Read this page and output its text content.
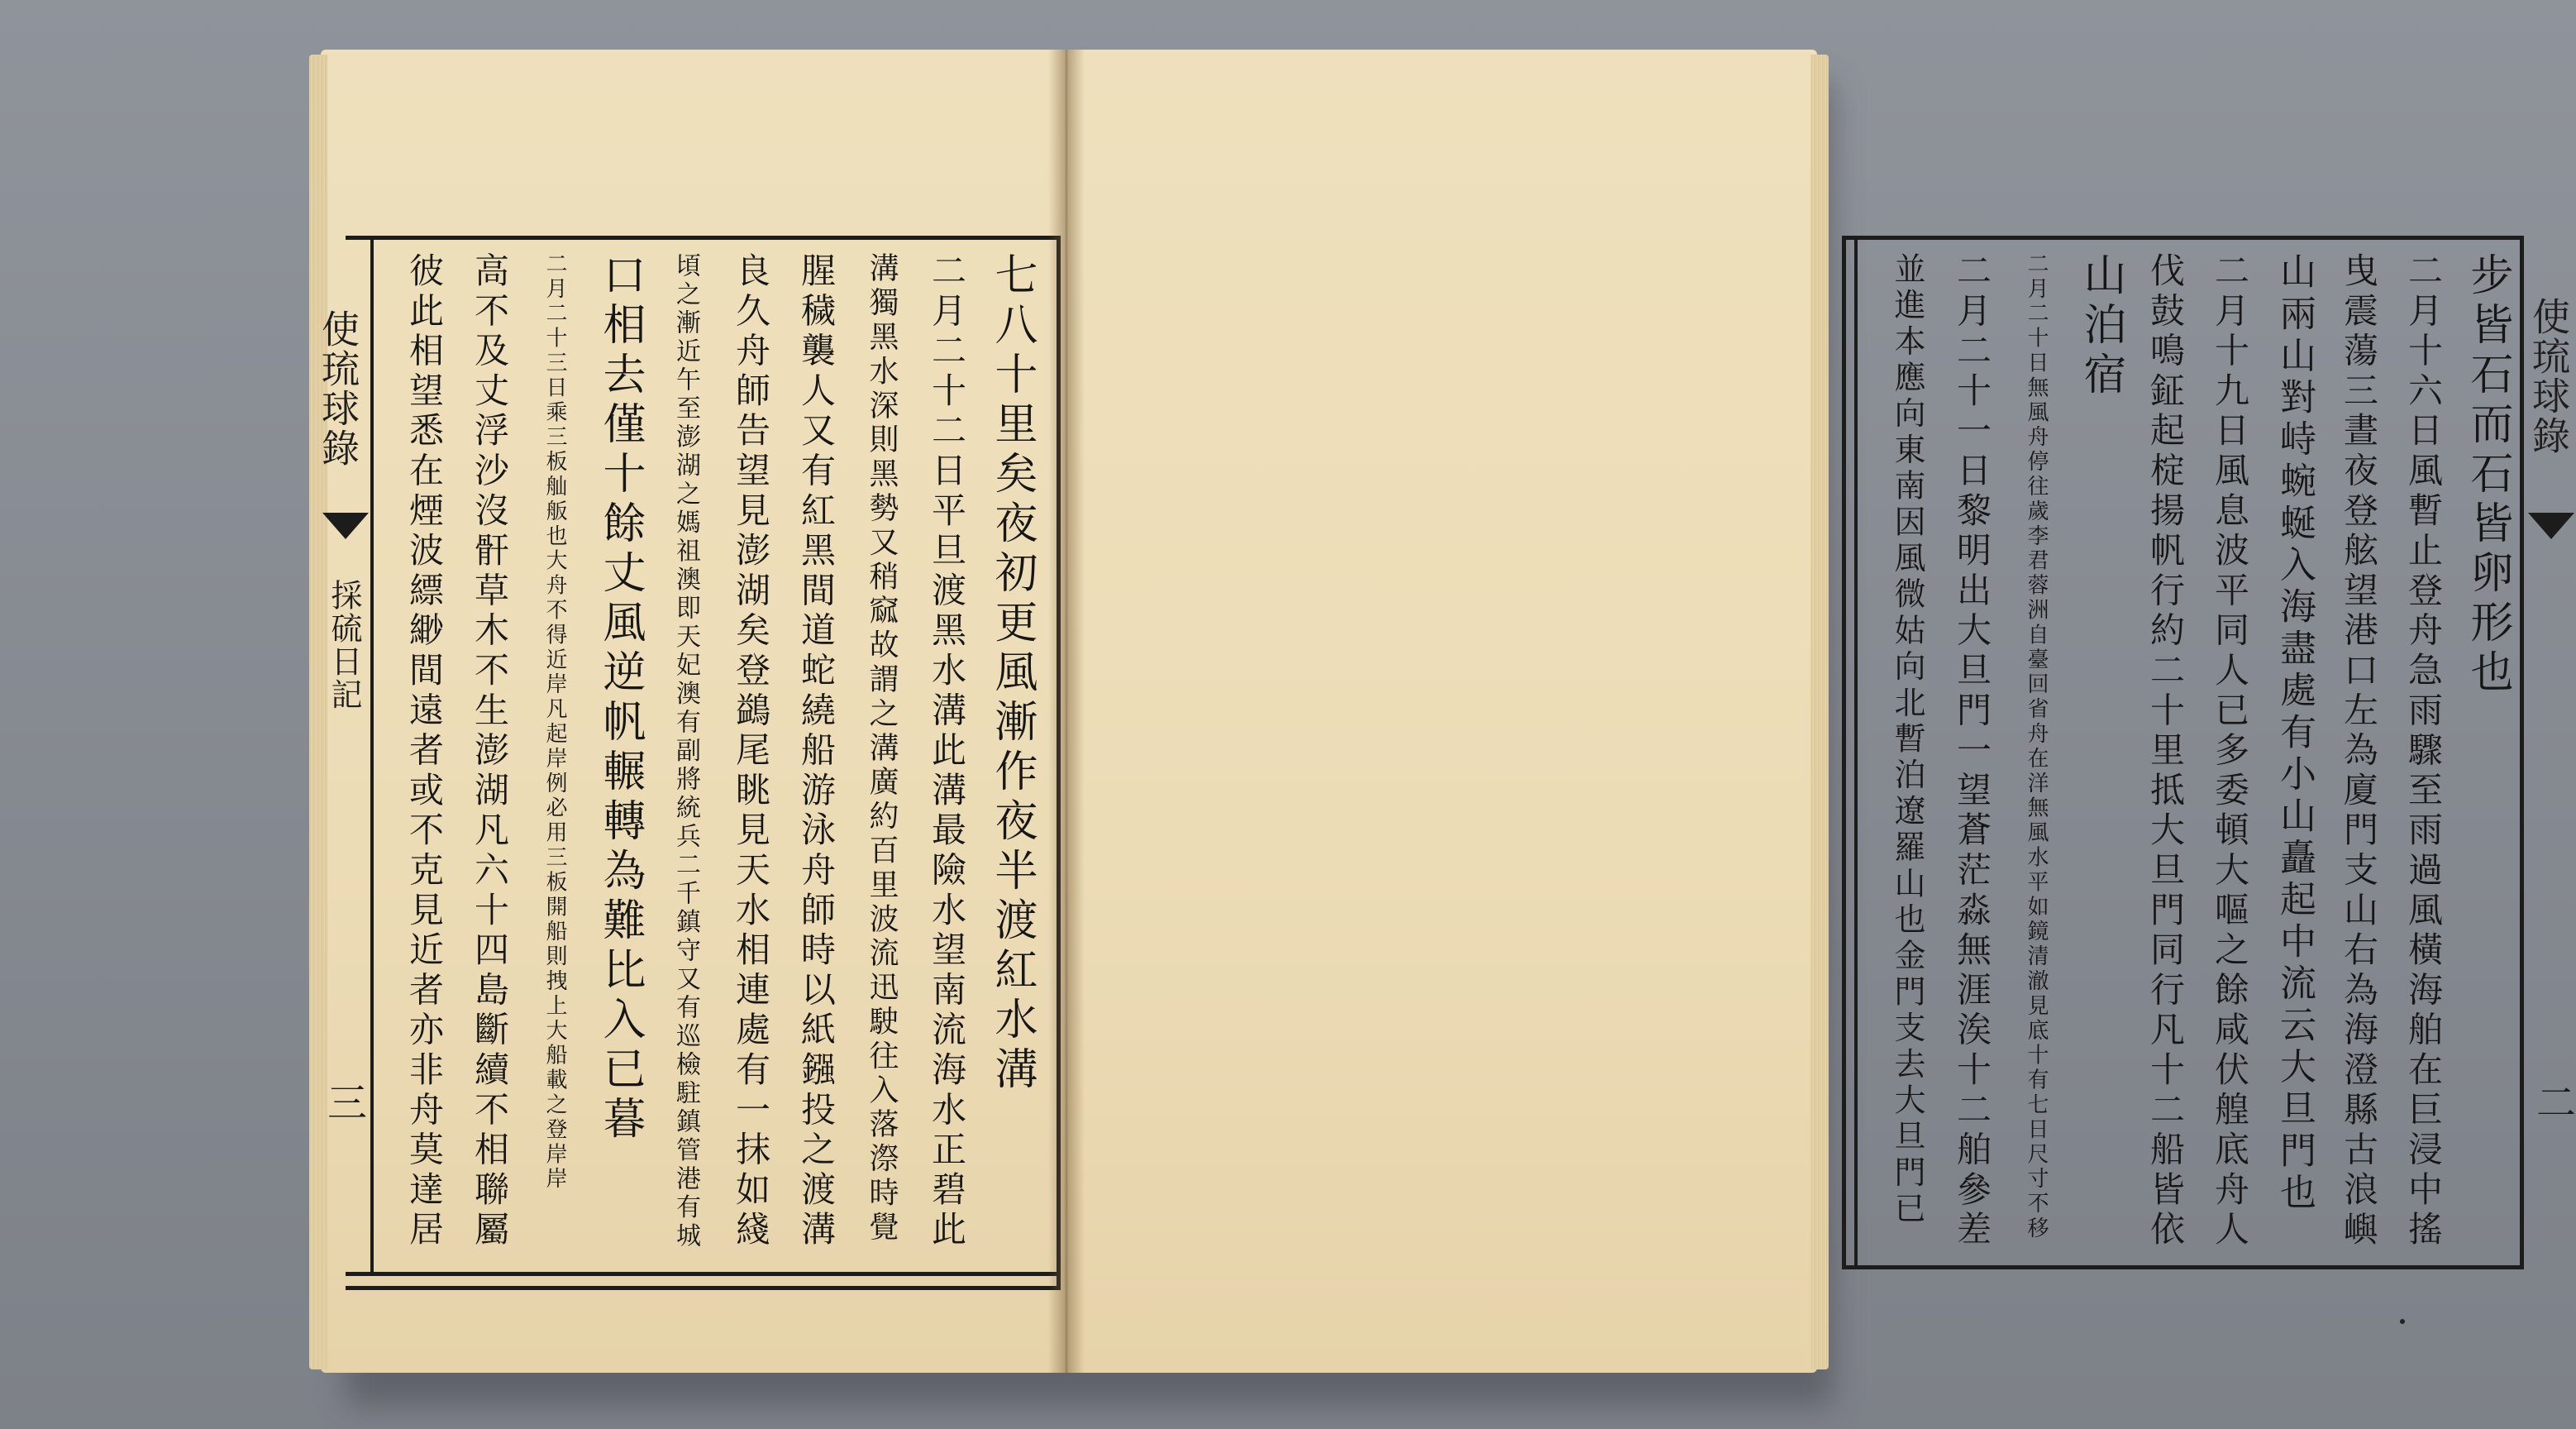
使琉球錄
採硫日記
三
七八十里矣夜初更風漸作夜半渡紅水溝
二月二十二日平旦渡黑水溝此溝最險水望南流海水正碧此
溝獨黑水深則黑勢又稍窳故謂之溝廣約百里波流迅駛往入落漈時覺
腥穢襲人又有紅黑間道蛇繞船游泳舟師時以紙鏹投之渡溝
良久舟師告望見澎湖矣登鷁尾眺見天水相連處有一抹如綫
頃之漸近午至澎湖之媽祖澳即天妃澳有副將統兵二千鎮守又有巡檢駐鎮管港有城
口相去僅十餘丈風逆帆輾轉為難比入已暮
二月二十三日乘三板舢舨也大舟不得近岸凡起岸例必用三板開船則拽上大船載之登岸岸
高不及丈浮沙沒骭草木不生澎湖凡六十四島斷續不相聯屬
彼此相望悉在煙波縹緲間遠者或不克見近者亦非舟莫達居	使琉球錄
二
步皆石而石皆卵形也
二月十六日風暫止登舟急雨驟至雨過風橫海舶在巨浸中搖
曳震蕩三晝夜登舷望港口左為廈門支山右為海澄縣古浪嶼
山兩山對峙蜿蜒入海盡處有小山矗起中流云大旦門也
二月十九日風息波平同人已多委頓大嘔之餘咸伏艎底舟人
伐鼓鳴鉦起椗揚帆行約二十里抵大旦門同行凡十二船皆依
山泊宿
二月二十日無風舟停往歲李君蓉洲自臺回省舟在洋無風水平如鏡清澈見底十有七日尺寸不移
二月二十一日黎明出大旦門一望蒼茫淼無涯涘十二舶參差
並進本應向東南因風微姑向北暫泊遼羅山也金門支去大旦門已
